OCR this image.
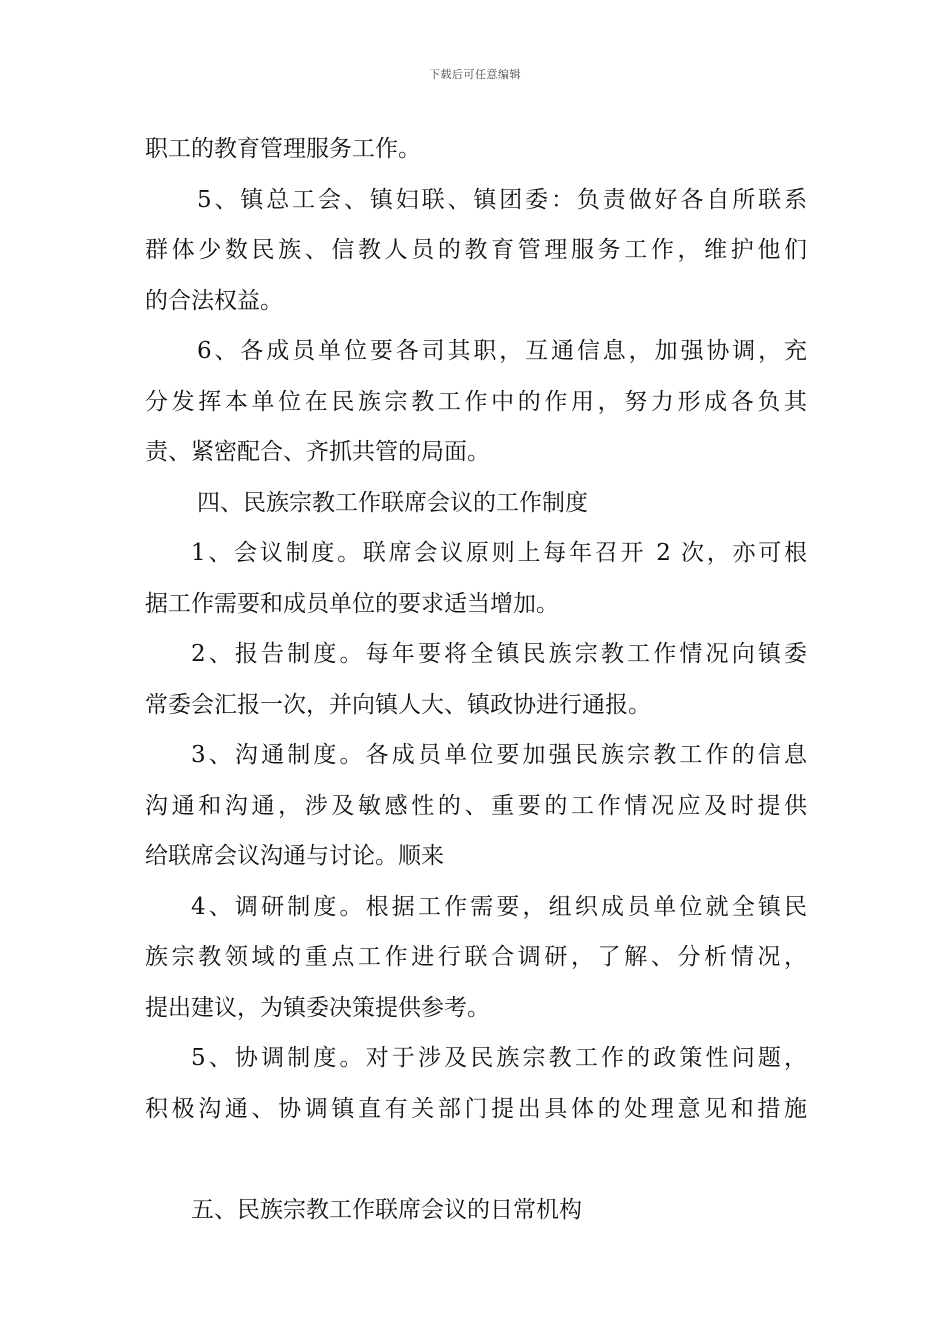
下载后可任意编辑
职工的教育管理服务工作。
5、镇总工会、镇妇联、镇团委：负责做好各自所联系
群体少数民族、信教人员的教育管理服务工作，维护他们
的合法权益。
6、各成员单位要各司其职，互通信息，加强协调，充
分发挥本单位在民族宗教工作中的作用，努力形成各负其
责、紧密配合、齐抓共管的局面。
四、民族宗教工作联席会议的工作制度
1、会议制度。联席会议原则上每年召开 2 次，亦可根
据工作需要和成员单位的要求适当增加。
2、报告制度。每年要将全镇民族宗教工作情况向镇委
常委会汇报一次，并向镇人大、镇政协进行通报。
3、沟通制度。各成员单位要加强民族宗教工作的信息
沟通和沟通，涉及敏感性的、重要的工作情况应及时提供
给联席会议沟通与讨论。顺来
4、调研制度。根据工作需要，组织成员单位就全镇民
族宗教领域的重点工作进行联合调研，了解、分析情况，
提出建议，为镇委决策提供参考。
5、协调制度。对于涉及民族宗教工作的政策性问题，
积极沟通、协调镇直有关部门提出具体的处理意见和措施
五、民族宗教工作联席会议的日常机构
